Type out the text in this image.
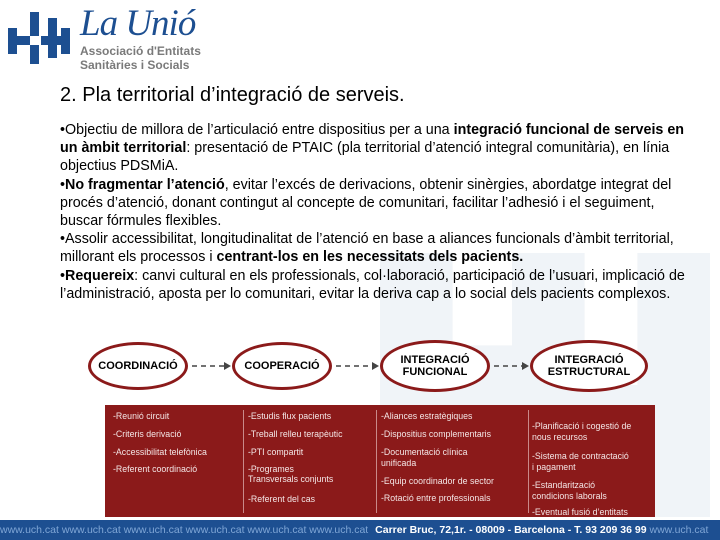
La Unió
Associació d'Entitats
Sanitàries i Socials
2. Pla territorial d’integració de serveis.

•Objectiu de millora de l’articulació entre dispositius per a una integració funcional de serveis en un àmbit territorial: presentació de PTAIC (pla territorial d’atenció integral comunitària), en línia objectius PDSMiA.

•No fragmentar l’atenció, evitar l’excés de derivacions, obtenir sinèrgies, abordatge integrat del procés d’atenció, donant contingut al concepte de comunitari, facilitar l’adhesió i el seguiment, buscar fórmules flexibles.

•Assolir accessibilitat, longitudinalitat de l’atenció en base a aliances funcionals d’àmbit territorial, millorant els processos i centrant-los en les necessitats dels pacients.

•Requereix: canvi cultural en els professionals, col·laboració, participació de l’usuari, implicació de l’administració, aposta per lo comunitari, evitar la deriva cap a lo social dels pacients complexos.

COORDINACIÓ	COOPERACIÓ	INTEGRACIÓ
FUNCIONAL
INTEGRACIÓ
ESTRUCTURAL
-Reunió circuit
-Criteris derivació
-Accessibilitat telefònica
-Referent coordinació
-Estudis flux pacients
-Treball relleu terapèutic
-PTI compartit
-Programes
Transversals conjunts
-Referent del cas
-Aliances estratègiques
-Dispositius complementaris
-Documentació clínica
unificada
-Equip coordinador de sector
-Rotació entre professionals
-Planificació i cogestió de
nous recursos
-Sistema de contractació
i pagament
-Estandarització
condicions laborals
-Eventual fusió d’entitats
www.uch.cat www.uch.cat www.uch.cat www.uch.cat www.uch.cat www.uch.cat Carrer Bruc, 72,1r. - 08009 - Barcelona - T. 93 209 36 99 www.uch.cat
